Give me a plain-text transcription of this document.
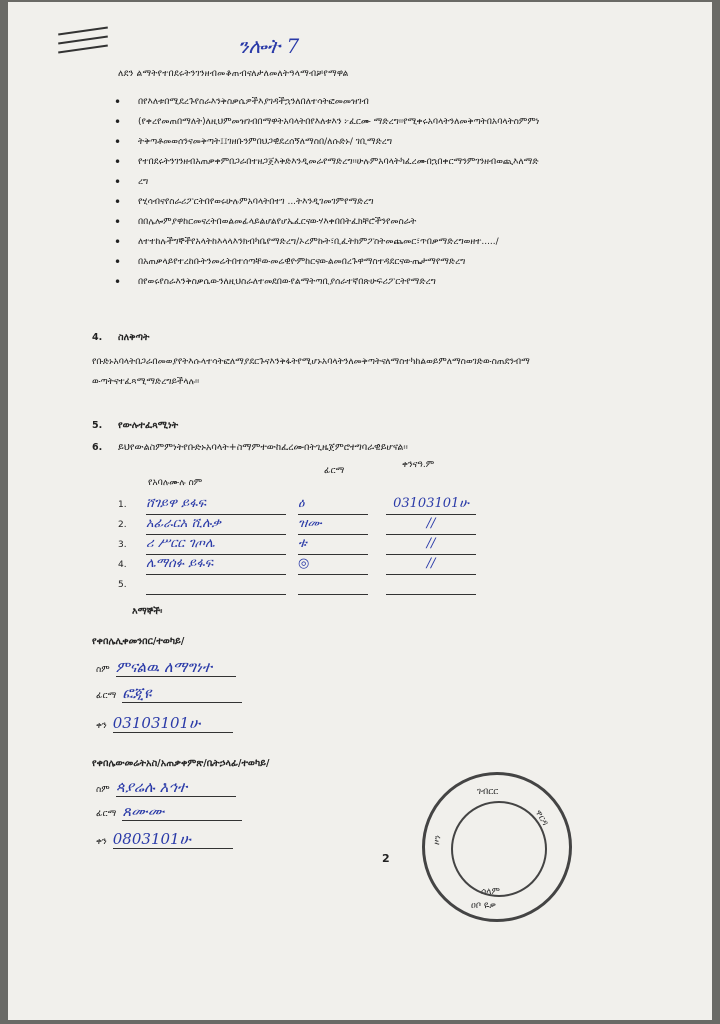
ንሎት 7
ለደን ልማትየተበደሩትንገንዘብመቆጠብናለታለመለትዓላማብቻየማዋል
• በየእለቱበሚደረጉየስራእንቅስቃሴዎችእያገዳችኋንለበለተሳትፎመመዝገብ
• (የቀረየመጠበማለት)ለዚህምመዝገብበማዋትአባላትበየእለቱእን ፦ፈርሙ ማድረግ፡፡የሚቀሩአባላትንለመቅጣትበአባላትስምምነ
• ትቅጣቶመወሰንናመቅጣት፤፤ገዘቡንምበህጋዊደረሰኝለማስበ/ለሱድኑ/ ገቢማድረግ
• የተበደሩትንገንዘብአጠቃቀምበጋራበተዘጋጀእቅድእንዲመራየማድረግ፡፡ሁሉምአባላትካፈረሙበኋበቀርማንምገንዘብወጪእለማድ
• ረግ
• የሂሳብናየስራሪፖርትበየወሩሁሉምአባላትበተገ ...ትእንዲገመገምየማድረግ
• በበሌሎምያዋከርመናረትበወልመፊላይልሆልየሆኤፈርናውሃእቀበበትፈክቸሮችንየመስራት
• ለተተከሉችግኞችየአላትከእላላእንክብካቤየማድረግ/ኦረምኩት፣ቢፈትክምፖስትመጨመር፣ጥበቃማድረግወዘተ...../
• በአጠቃላይየተረከቡትንመሬትበተሰጣቸውመሬዊዮምከርናውልመበረጉዋማስተዳደርናውጤታማየማድረግ
• በየወሩየስራእንቅስቃሴውንለዚህስራለተመደበውየልማትጣቢያሰራተኛበጽሁፍሪፖርትየማድረግ
4. ስለቅጣት
የቡድኑአባላትበጋራበመወያየትእሱላተሳትፎለማያደርጉናእንቅፋትየሚሆኑአባላትንለመቅጣትናለማስተካከልወይምለማስወገድውስጠደንብማ
ውጣትናተፈጻሚማድረግይችላሉ፡፡
5. የውሉተፈጻሚነት
6. ይህየውልስምምነትየቡድኑአባላት+ስማምተውከፈረሙበትጊዜጀምሮተግባራዊይሆናል፡፡
የአባሉሙሉ ስም
ፊርማ
ቀንናዓ.ም
1. ሸገይዋ ይፋፍ	ዕ	03103101ሁ
2. አፊራርአ ሺሉቃ	ዝሙ	//
3. ሪ ሥርር ገጦሌ	ቱ	//
4. ሌማሰፉ ይፋፍ	◎	//
5.
እማኞች፡
የቀበሌሊቀመንበር/ተወካይ/
ስም ምናልዉ ለማግነተ
ፊርማ ፎጂዩ
ቀን 03103101ሁ
የቀበሌውመሬትአስ/አጠቃቀምጽ/ቤትኃላፊ/ተወካይ/
ስም ጳያሬሉ እኅተ
ፊርማ ጸሙሙ
ቀን 0803101ሁ
ገብርር
ዋርዳ
ዞን
ሰላም
ዐቦ ዬቃ
2
